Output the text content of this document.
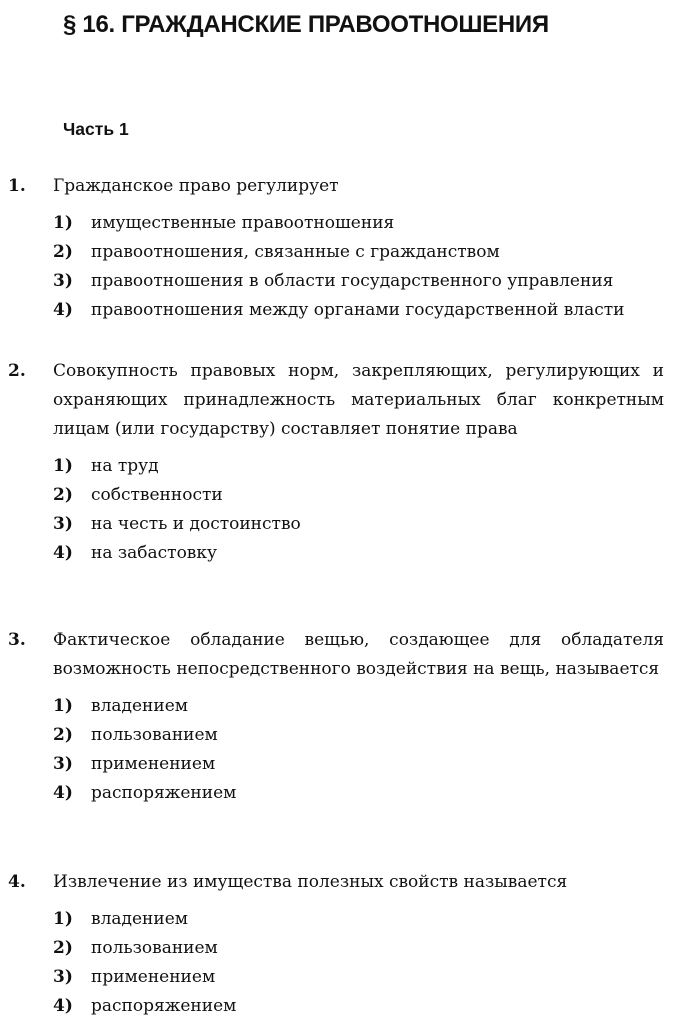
§ 16. ГРАЖДАНСКИЕ ПРАВООТНОШЕНИЯ
Часть 1
1.	Гражданское право регулирует
1)	имущественные правоотношения
2)	правоотношения, связанные с гражданством
3)	правоотношения в области государственного управления
4)	правоотношения между органами государственной власти
2.	Совокупность правовых норм, закрепляющих, регулирующих и охраняющих принадлежность материальных благ конкретным лицам (или государству) составляет понятие права
1)	на труд
2)	собственности
3)	на честь и достоинство
4)	на забастовку
3.	Фактическое обладание вещью, создающее для обладателя возможность непосредственного воздействия на вещь, называется
1)	владением
2)	пользованием
3)	применением
4)	распоряжением
4.	Извлечение из имущества полезных свойств называется
1)	владением
2)	пользованием
3)	применением
4)	распоряжением
